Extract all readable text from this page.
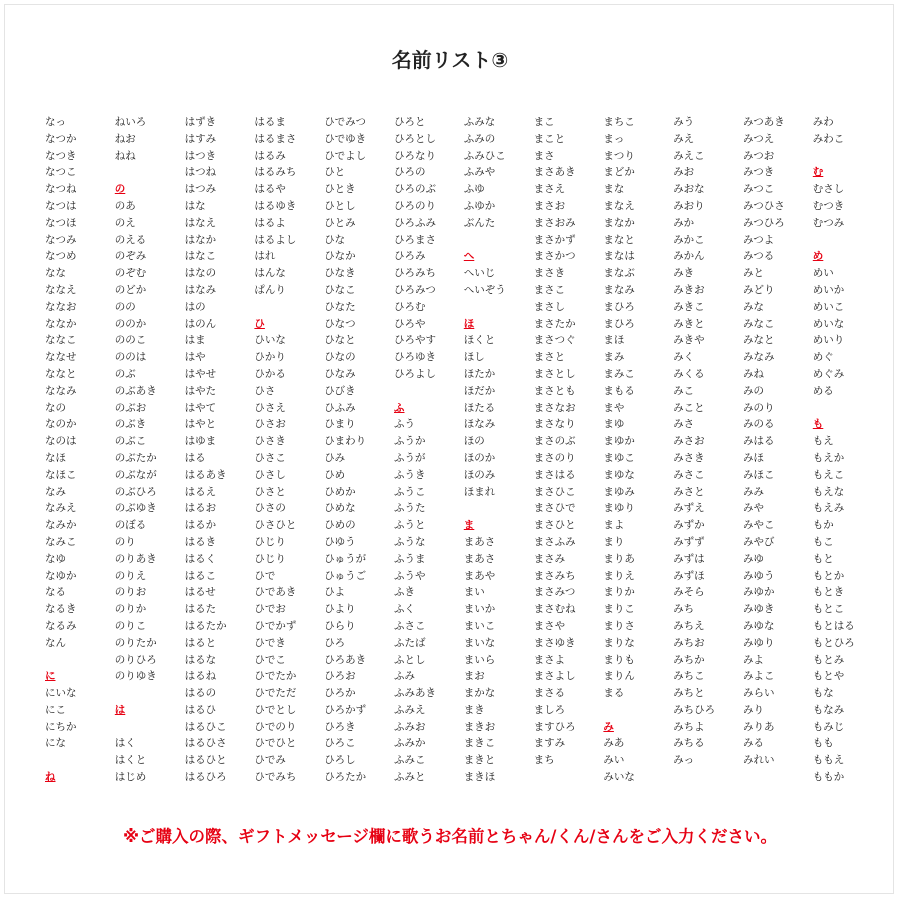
名前リスト③
なっ
なつか
なつき
なつこ
なつね
なつは
なつほ
なつみ
なつめ
なな
ななえ
ななお
ななか
ななこ
ななせ
ななと
ななみ
なの
なのか
なのは
なほ
なほこ
なみ
なみえ
なみか
なみこ
なゆ
なゆか
なる
なるき
なるみ
なん
に
にいな
にこ
にちか
にな
ね
ねいろ
ねお
ねね
の
のあ
のえ
のえる
のぞみ
のぞむ
のどか
のの
ののか
ののこ
ののは
のぶ
のぶあき
のぶお
のぶき
のぶこ
のぶたか
のぶなが
のぶひろ
のぶゆき
のぼる
のり
のりあき
のりえ
のりお
のりか
のりこ
のりたか
のりひろ
のりゆき
は
はく
はくと
はじめ
はずき
はすみ
はつき
はつね
はつみ
はな
はなえ
はなか
はなこ
はなの
はなみ
はの
はのん
はま
はや
はやせ
はやた
はやて
はやと
はゆま
はる
はるあき
はるえ
はるお
はるか
はるき
はるく
はるこ
はるせ
はるた
はるたか
はると
はるな
はるね
はるの
はるひ
はるひこ
はるひさ
はるひと
はるひろ
はるま
はるまさ
はるみ
はるみち
はるや
はるゆき
はるよ
はるよし
はれ
はんな
ぱんり
ひ
ひいな
ひかり
ひかる
ひさ
ひさえ
ひさお
ひさき
ひさこ
ひさし
ひさと
ひさの
ひさひと
ひじり
ひじり
ひで
ひであき
ひでお
ひでかず
ひでき
ひでこ
ひでたか
ひでただ
ひでとし
ひでのり
ひでひと
ひでみ
ひでみち
ひでみつ
ひでゆき
ひでよし
ひと
ひとき
ひとし
ひとみ
ひな
ひなか
ひなき
ひなこ
ひなた
ひなつ
ひなと
ひなの
ひなみ
ひびき
ひふみ
ひまり
ひまわり
ひみ
ひめ
ひめか
ひめな
ひめの
ひゆう
ひゅうが
ひゅうご
ひよ
ひより
ひらり
ひろ
ひろあき
ひろお
ひろか
ひろかず
ひろき
ひろこ
ひろし
ひろたか
ひろと
ひろとし
ひろなり
ひろの
ひろのぶ
ひろのり
ひろふみ
ひろまさ
ひろみ
ひろみち
ひろみつ
ひろむ
ひろや
ひろやす
ひろゆき
ひろよし
ふ
ふう
ふうか
ふうが
ふうき
ふうこ
ふうた
ふうと
ふうな
ふうま
ふうや
ふき
ふく
ふさこ
ふたば
ふとし
ふみ
ふみあき
ふみえ
ふみお
ふみか
ふみこ
ふみと
ふみな
ふみの
ふみひこ
ふみや
ふゆ
ふゆか
ぶんた
へ
へいじ
へいぞう
ほ
ほくと
ほし
ほたか
ほだか
ほたる
ほなみ
ほの
ほのか
ほのみ
ほまれ
ま
まあさ
まあさ
まあや
まい
まいか
まいこ
まいな
まいら
まお
まかな
まき
まきお
まきこ
まきと
まきほ
まこ
まこと
まさ
まさあき
まさえ
まさお
まさおみ
まさかず
まさかつ
まさき
まさこ
まさし
まさたか
まさつぐ
まさと
まさとし
まさとも
まさなお
まさなり
まさのぶ
まさのり
まさはる
まさひこ
まさひで
まさひと
まさふみ
まさみ
まさみち
まさみつ
まさむね
まさや
まさゆき
まさよ
まさよし
まさる
ましろ
ますひろ
ますみ
まち
まちこ
まっ
まつり
まどか
まな
まなえ
まなか
まなと
まなは
まなぶ
まなみ
まひろ
まひろ
まほ
まみ
まみこ
まもる
まや
まゆ
まゆか
まゆこ
まゆな
まゆみ
まゆり
まよ
まり
まりあ
まりえ
まりか
まりこ
まりさ
まりな
まりも
まりん
まる
み
みあ
みい
みいな
みう
みえ
みえこ
みお
みおな
みおり
みか
みかこ
みかん
みき
みきお
みきこ
みきと
みきや
みく
みくる
みこ
みこと
みさ
みさお
みさき
みさこ
みさと
みずえ
みずか
みずず
みずは
みずほ
みそら
みち
みちえ
みちお
みちか
みちこ
みちと
みちひろ
みちよ
みちる
みっ
みつあき
みつえ
みつお
みつき
みつこ
みつひさ
みつひろ
みつよ
みつる
みと
みどり
みな
みなこ
みなと
みなみ
みね
みの
みのり
みのる
みはる
みほ
みほこ
みみ
みや
みやこ
みやび
みゆ
みゆう
みゆか
みゆき
みゆな
みゆり
みよ
みよこ
みらい
みり
みりあ
みる
みれい
みわ
みわこ
む
むさし
むつき
むつみ
め
めい
めいか
めいこ
めいな
めいり
めぐ
めぐみ
める
も
もえ
もえか
もえこ
もえな
もえみ
もか
もこ
もと
もとか
もとき
もとこ
もとはる
もとひろ
もとみ
もとや
もな
もなみ
もみじ
もも
ももえ
ももか
※ご購入の際、ギフトメッセージ欄に歌うお名前とちゃん/くん/さんをご入力ください。
